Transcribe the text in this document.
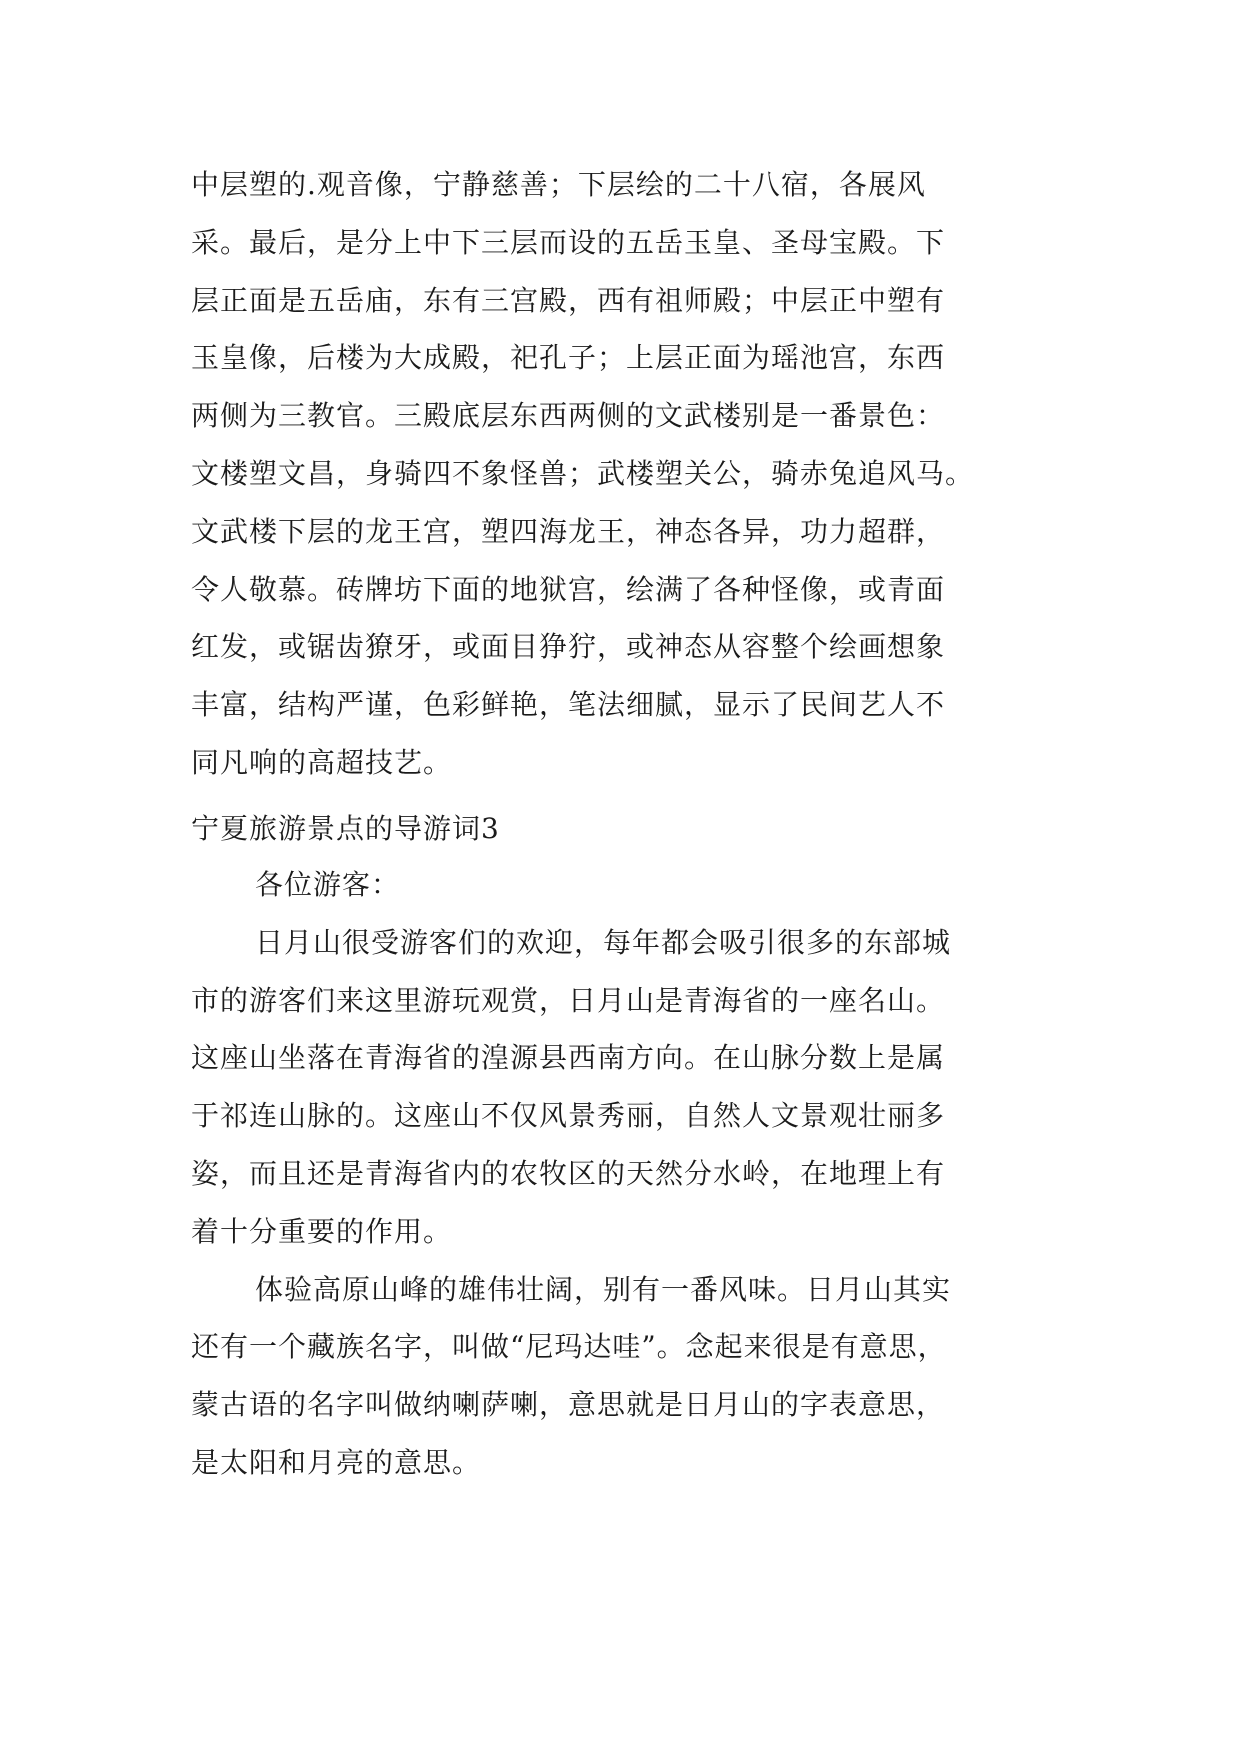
中层塑的.观音像，宁静慈善；下层绘的二十八宿，各展风
采。最后，是分上中下三层而设的五岳玉皇、圣母宝殿。下
层正面是五岳庙，东有三宫殿，西有祖师殿；中层正中塑有
玉皇像，后楼为大成殿，祀孔子；上层正面为瑶池宫，东西
两侧为三教官。三殿底层东西两侧的文武楼别是一番景色：
文楼塑文昌，身骑四不象怪兽；武楼塑关公，骑赤兔追风马。
文武楼下层的龙王宫，塑四海龙王，神态各异，功力超群，
令人敬慕。砖牌坊下面的地狱宫，绘满了各种怪像，或青面
红发，或锯齿獠牙，或面目狰狞，或神态从容整个绘画想象
丰富，结构严谨，色彩鲜艳，笔法细腻，显示了民间艺人不
同凡响的高超技艺。
宁夏旅游景点的导游词3
各位游客：
日月山很受游客们的欢迎，每年都会吸引很多的东部城
市的游客们来这里游玩观赏，日月山是青海省的一座名山。
这座山坐落在青海省的湟源县西南方向。在山脉分数上是属
于祁连山脉的。这座山不仅风景秀丽，自然人文景观壮丽多
姿，而且还是青海省内的农牧区的天然分水岭，在地理上有
着十分重要的作用。
体验高原山峰的雄伟壮阔，别有一番风味。日月山其实
还有一个藏族名字，叫做“尼玛达哇”。念起来很是有意思，
蒙古语的名字叫做纳喇萨喇，意思就是日月山的字表意思，
是太阳和月亮的意思。
